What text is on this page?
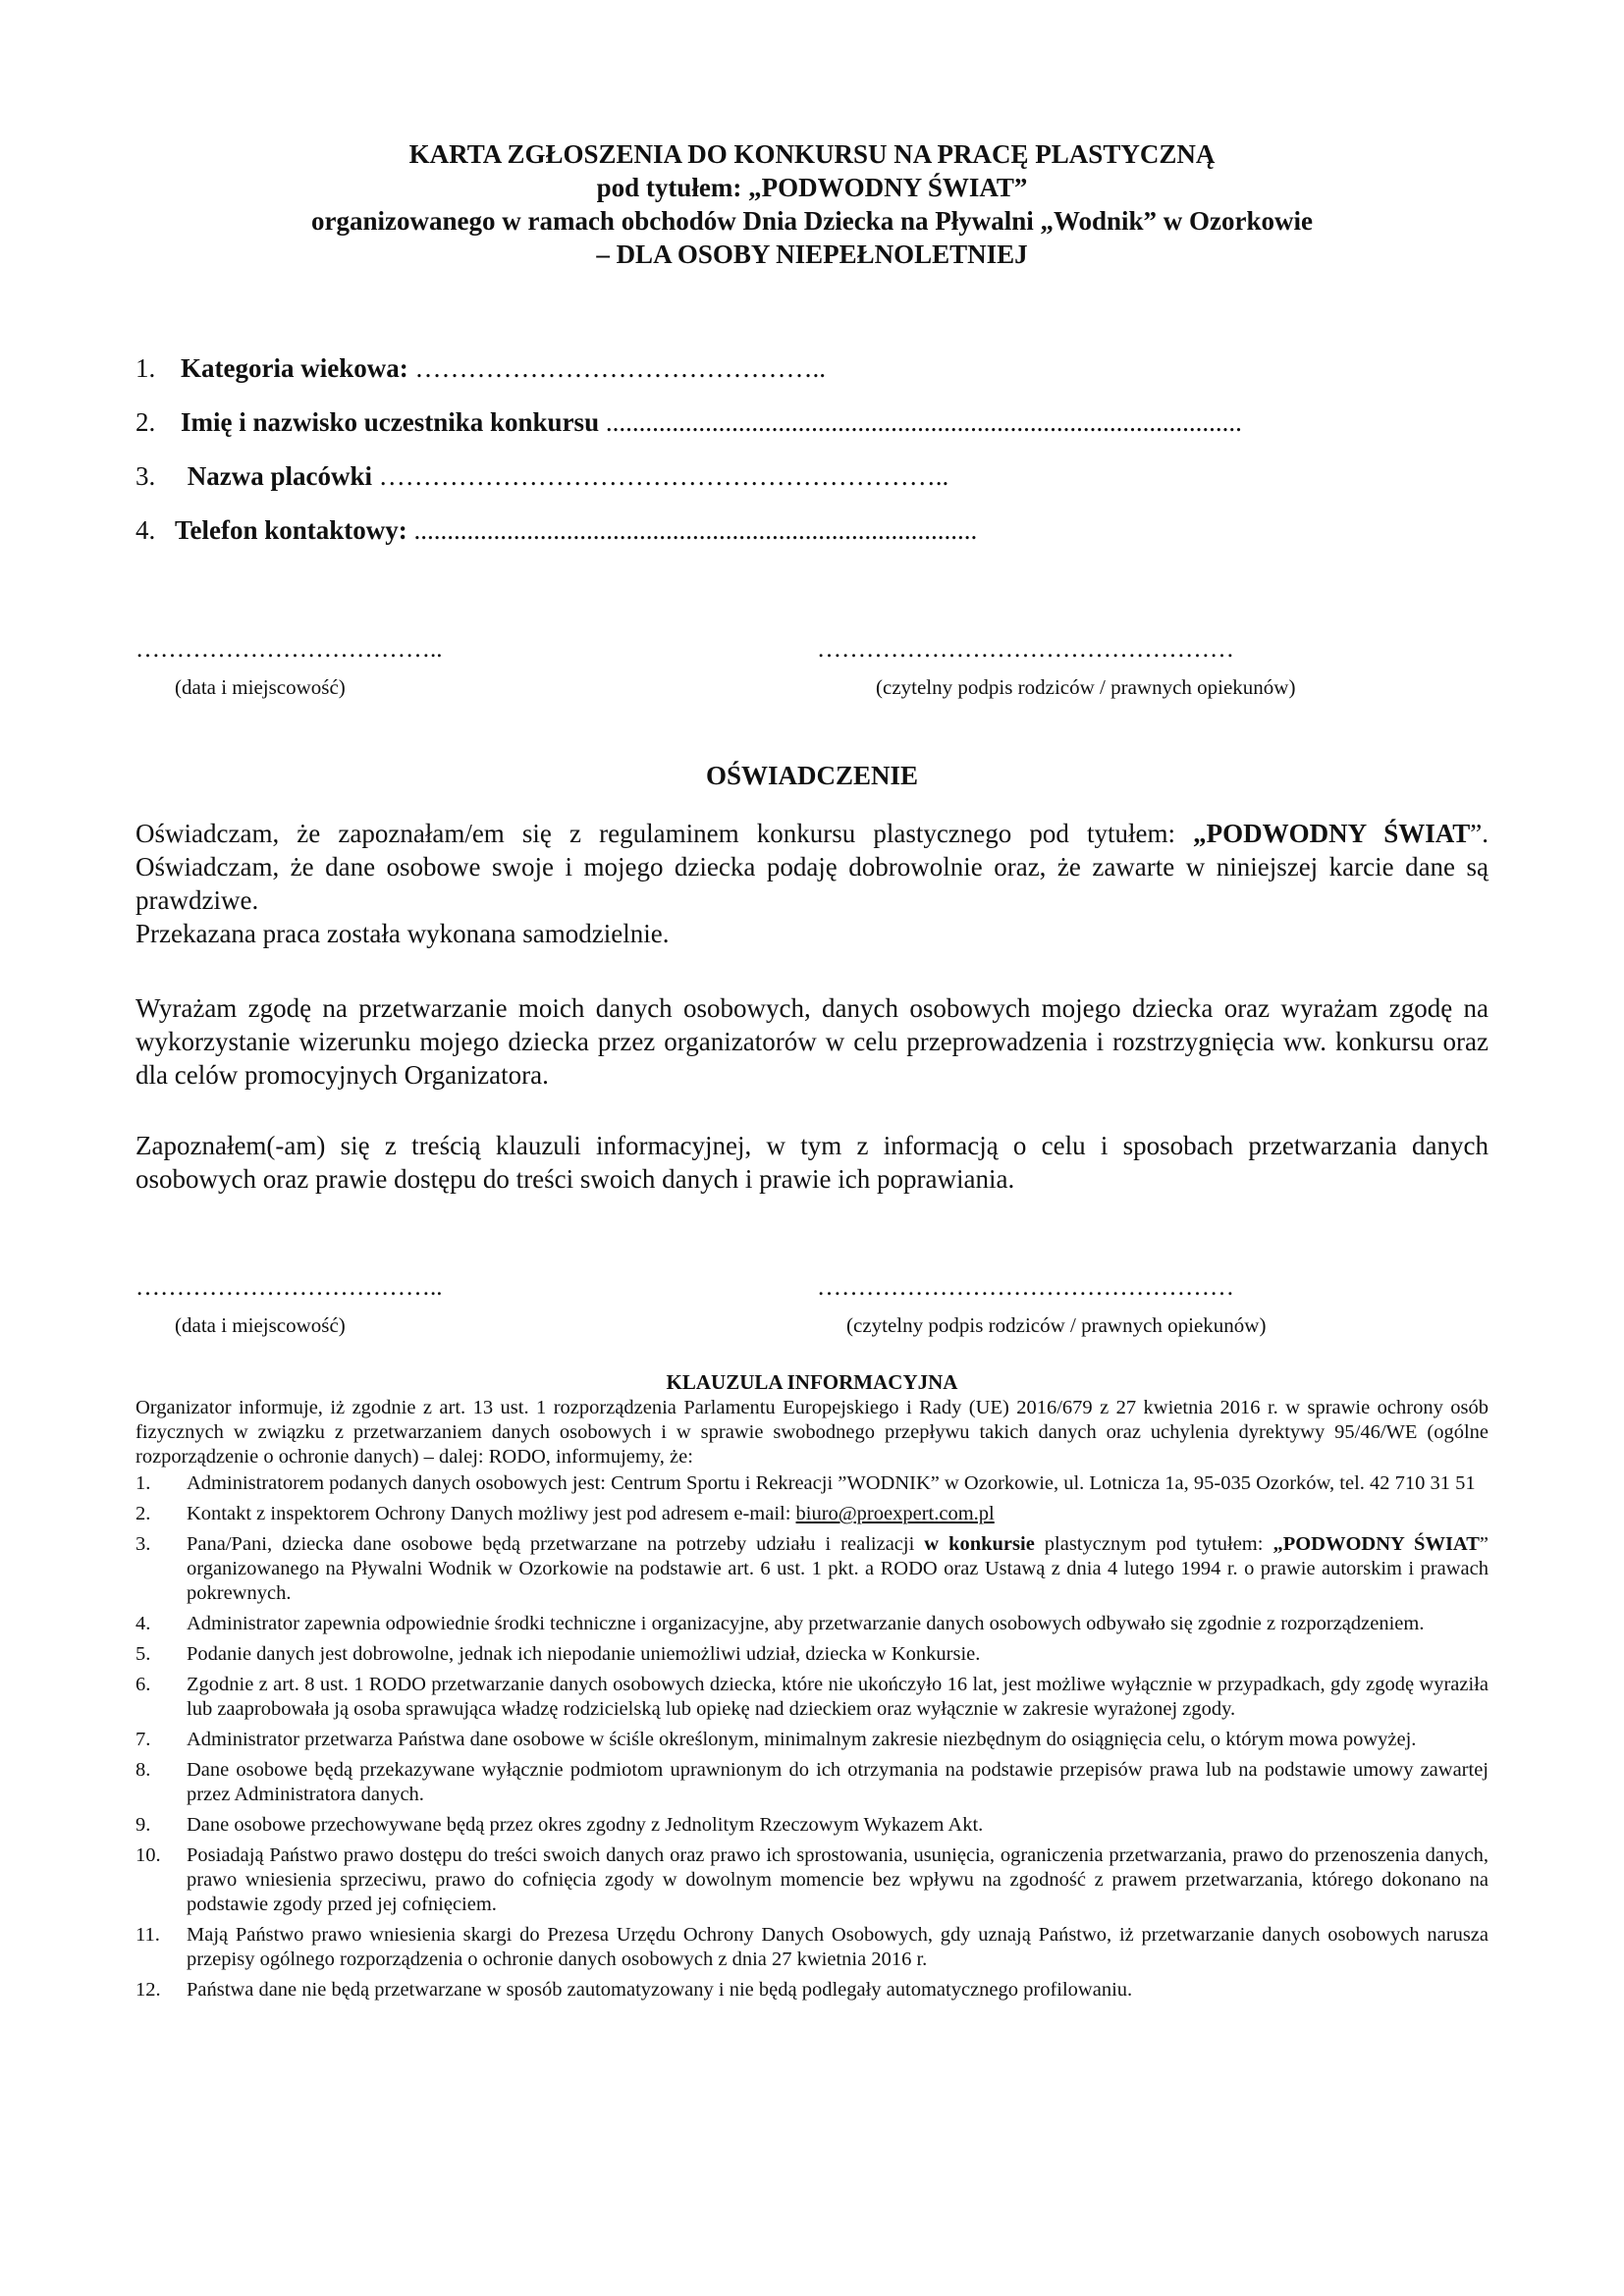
KARTA ZGŁOSZENIA DO KONKURSU NA PRACĘ PLASTYCZNĄ
pod tytułem: „PODWODNY ŚWIAT”
organizowanego w ramach obchodów Dnia Dziecka na Pływalni „Wodnik” w Ozorkowie
– DLA OSOBY NIEPEŁNOLETNIEJ
1. Kategoria wiekowa: ………………………………………..
2. Imię i nazwisko uczestnika konkursu ................................................................................................
3. Nazwa placówki ………………………………………………………..
4. Telefon kontaktowy: .....................................................................................
………………………………..
(data i miejscowość)
……………………………………………
(czytelny podpis rodziców / prawnych opiekunów)
OŚWIADCZENIE
Oświadczam, że zapoznałam/em się z regulaminem konkursu plastycznego pod tytułem: „PODWODNY ŚWIAT”. Oświadczam, że dane osobowe swoje i mojego dziecka podaję dobrowolnie oraz, że zawarte w niniejszej karcie dane są prawdziwe.
Przekazana praca została wykonana samodzielnie.
Wyrażam zgodę na przetwarzanie moich danych osobowych, danych osobowych mojego dziecka oraz wyrażam zgodę na wykorzystanie wizerunku mojego dziecka przez organizatorów w celu przeprowadzenia i rozstrzygnięcia ww. konkursu oraz dla celów promocyjnych Organizatora.
Zapoznałem(-am) się z treścią klauzuli informacyjnej, w tym z informacją o celu i sposobach przetwarzania danych osobowych oraz prawie dostępu do treści swoich danych i prawie ich poprawiania.
………………………………..
(data i miejscowość)
……………………………………………
(czytelny podpis rodziców / prawnych opiekunów)
KLAUZULA INFORMACYJNA

Organizator informuje, iż zgodnie z art. 13 ust. 1 rozporządzenia Parlamentu Europejskiego i Rady (UE) 2016/679 z 27 kwietnia 2016 r. w sprawie ochrony osób fizycznych w związku z przetwarzaniem danych osobowych i w sprawie swobodnego przepływu takich danych oraz uchylenia dyrektywy 95/46/WE (ogólne rozporządzenie o ochronie danych) – dalej: RODO, informujemy, że:

1. Administratorem podanych danych osobowych jest: Centrum Sportu i Rekreacji ”WODNIK” w Ozorkowie, ul. Lotnicza 1a, 95-035 Ozorków, tel. 42 710 31 51
2. Kontakt z inspektorem Ochrony Danych możliwy jest pod adresem e-mail: biuro@proexpert.com.pl
3. Pana/Pani, dziecka dane osobowe będą przetwarzane na potrzeby udziału i realizacji w konkursie plastycznym pod tytułem: „PODWODNY ŚWIAT” organizowanego na Pływalni Wodnik w Ozorkowie na podstawie art. 6 ust. 1 pkt. a RODO oraz Ustawą z dnia 4 lutego 1994 r. o prawie autorskim i prawach pokrewnych.
4. Administrator zapewnia odpowiednie środki techniczne i organizacyjne, aby przetwarzanie danych osobowych odbywało się zgodnie z rozporządzeniem.
5. Podanie danych jest dobrowolne, jednak ich niepodanie uniemożliwi udział, dziecka w Konkursie.
6. Zgodnie z art. 8 ust. 1 RODO przetwarzanie danych osobowych dziecka, które nie ukończyło 16 lat, jest możliwe wyłącznie w przypadkach, gdy zgodę wyraziła lub zaaprobowała ją osoba sprawująca władzę rodzicielską lub opiekę nad dzieckiem oraz wyłącznie w zakresie wyrażonej zgody.
7. Administrator przetwarza Państwa dane osobowe w ściśle określonym, minimalnym zakresie niezbędnym do osiągnięcia celu, o którym mowa powyżej.
8. Dane osobowe będą przekazywane wyłącznie podmiotom uprawnionym do ich otrzymania na podstawie przepisów prawa lub na podstawie umowy zawartej przez Administratora danych.
9. Dane osobowe przechowywane będą przez okres zgodny z Jednolitym Rzeczowym Wykazem Akt.
10. Posiadają Państwo prawo dostępu do treści swoich danych oraz prawo ich sprostowania, usunięcia, ograniczenia przetwarzania, prawo do przenoszenia danych, prawo wniesienia sprzeciwu, prawo do cofnięcia zgody w dowolnym momencie bez wpływu na zgodność z prawem przetwarzania, którego dokonano na podstawie zgody przed jej cofnięciem.
11. Mają Państwo prawo wniesienia skargi do Prezesa Urzędu Ochrony Danych Osobowych, gdy uznają Państwo, iż przetwarzanie danych osobowych narusza przepisy ogólnego rozporządzenia o ochronie danych osobowych z dnia 27 kwietnia 2016 r.
12. Państwa dane nie będą przetwarzane w sposób zautomatyzowany i nie będą podlegały automatycznego profilowaniu.
